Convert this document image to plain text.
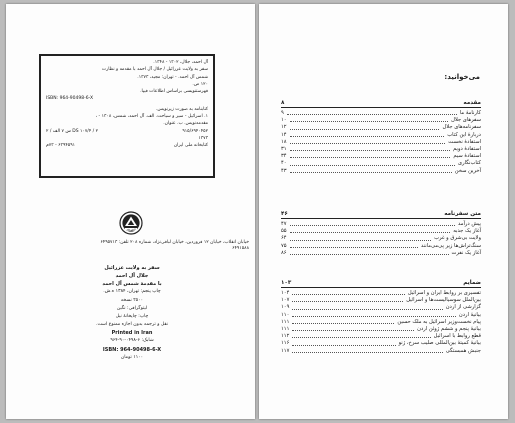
آل احمد، جلال، ۱۳۰۲ - ۱۳۴۸.
سفر به ولایت عزرائیل / جلال آل احمد با مقدمه و نظارت
شمس آل احمد. - تهران: مجید، ۱۳۷۳.
۱۲۰ ص.
فهرستنویسی براساس اطلاعات فیپا.
ISBN: 964-90498-6-X
کتابنامه به صورت زیرنویس.
۱. اسرائیل - سیر و سیاحت. الف. آل احمد، شمس، ۱۳۰۸ - ،
مقدمه‌نویس. ب. عنوان.
۹۱۵/۶۹۴۰۴۵۲
DS ۱۰۷/۴ / ۲ س ۷ الف / ۲
۱۳۷۳
کتابخانه ملی ایران
۶۳۹۴۵۹۱ - ۷۳م
کانون نشر
خیابان انقلاب، خیابان ۱۲ فروردین، خیابان لبافی‌نژاد، شماره ۲۰۸ تلفن: ۶۴۹۵۷۱۳
۶۴۹۱۵۸۸
سفر به ولایت عزرائیل
جلال آل احمد
با مقدمهٔ شمس آل احمد
چاپ پنجم: تهران، ۱۳۸۴ ه.ش.
۲۵۰۰ نسخه
لیتوگرافی: نگین
چاپ: چاپخانهٔ نیل
نقل و ترجمه بدون اجازه ممنوع است.
Printed in Iran
شابک: ۶-۰۴۹۸-۹۰-۹۶۴
ISBN: 964-90498-6-X
۱۱۰۰ تومان
می‌خوانید:
مقدمه
۸
کارنامهٔ ما
۹
سفرهای جلال
۱۰
سفرنامه‌های جلال
۱۲
دربارهٔ این کتاب
۱۴
استفادهٔ نخست
۱۸
استفادهٔ دویم
۳۱
استفادهٔ سیم
۳۴
کتاب‌نگاری
۴۰
آخرین سخن
۴۳
متن سفرنامه
۴۶
پیش درآمد
۴۷
آغاز یک جذبه
۵۵
ولایت بی‌شرق و غرب
۶۴
سنگ‌تراش‌ها زیر پی‌می‌مانند
۷۵
آغاز یک نفرت
۸۶
ضمایم
۱۰۳
تفسیری بر روابط ایران و اسرائیل
۱۰۴
بین‌الملل سوسیالیست‌ها و اسرائیل
۱۰۷
گزارشی از اردن
۱۰۹
بیانیهٔ اردن
۱۱۰
پیام نخست‌وزیر اسرائیل به ملک حسین
۱۱۱
بیانیهٔ پنجم و ششم ژوئن اردن
۱۱۱
قطع روابط با اسرائیل
۱۱۲
بیانیهٔ کمیتهٔ بین‌المللی صلیب سرخ، ژنو
۱۱۶
جنبش همبستگی
۱۱۷
